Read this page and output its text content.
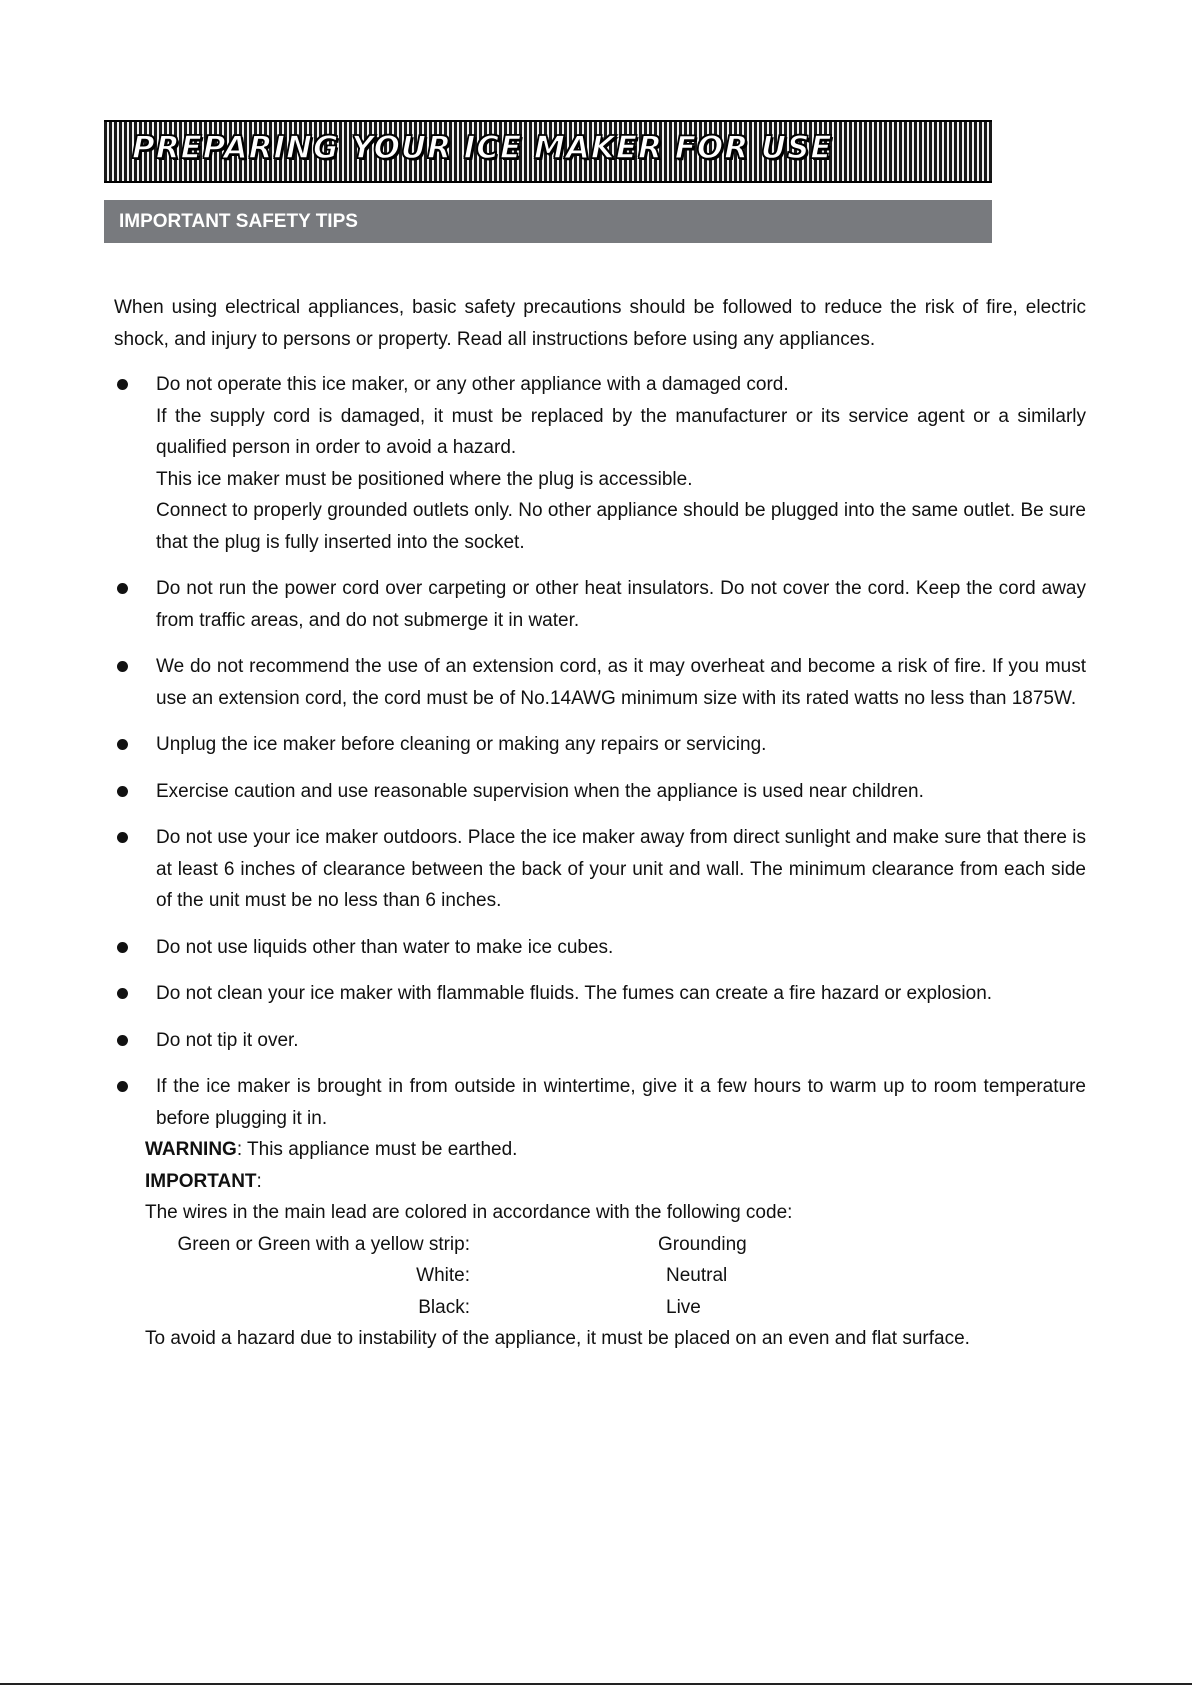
PREPARING YOUR ICE MAKER FOR USE
IMPORTANT SAFETY TIPS

When using electrical appliances, basic safety precautions should be followed to reduce the risk of fire, electric shock, and injury to persons or property. Read all instructions before using any appliances.

Do not operate this ice maker, or any other appliance with a damaged cord.

If the supply cord is damaged, it must be replaced by the manufacturer or its service agent or a similarly qualified person in order to avoid a hazard.

This ice maker must be positioned where the plug is accessible.

Connect to properly grounded outlets only. No other appliance should be plugged into the same outlet. Be sure that the plug is fully inserted into the socket.

Do not run the power cord over carpeting or other heat insulators. Do not cover the cord. Keep the cord away from traffic areas, and do not submerge it in water.

We do not recommend the use of an extension cord, as it may overheat and become a risk of fire. If you must use an extension cord, the cord must be of No.14AWG minimum size with its rated watts no less than 1875W.

Unplug the ice maker before cleaning or making any repairs or servicing.

Exercise caution and use reasonable supervision when the appliance is used near children.

Do not use your ice maker outdoors. Place the ice maker away from direct sunlight and make sure that there is at least 6 inches of clearance between the back of your unit and wall. The minimum clearance from each side of the unit must be no less than 6 inches.

Do not use liquids other than water to make ice cubes.

Do not clean your ice maker with flammable fluids. The fumes can create a fire hazard or explosion.

Do not tip it over.

If the ice maker is brought in from outside in wintertime, give it a few hours to warm up to room temperature before plugging it in.

WARNING: This appliance must be earthed.

IMPORTANT:

The wires in the main lead are colored in accordance with the following code:

Green or Green with a yellow strip:	Grounding
White:	Neutral
Black:	Live

To avoid a hazard due to instability of the appliance, it must be placed on an even and flat surface.
